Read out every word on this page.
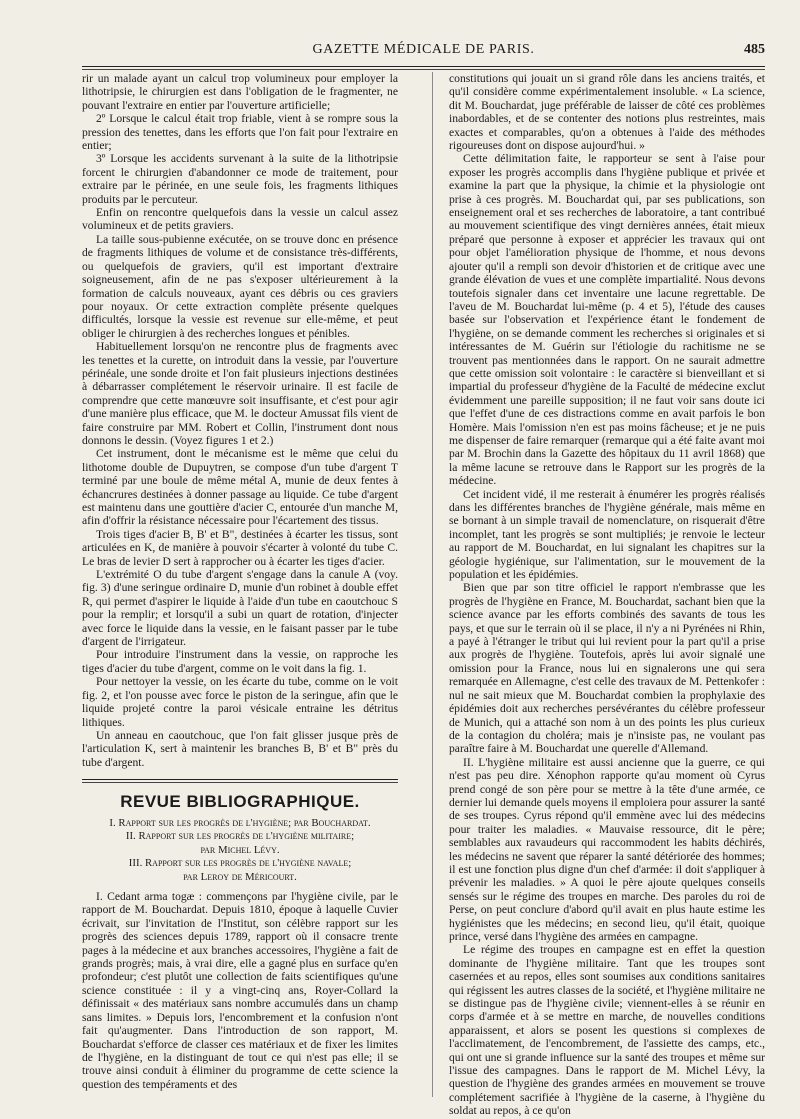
GAZETTE MÉDICALE DE PARIS.	485

rir un malade ayant un calcul trop volumineux pour employer la lithotripsie, le chirurgien est dans l'obligation de le fragmenter, ne pouvant l'extraire en entier par l'ouverture artificielle;

2º Lorsque le calcul était trop friable, vient à se rompre sous la pression des tenettes, dans les efforts que l'on fait pour l'extraire en entier;

3º Lorsque les accidents survenant à la suite de la lithotripsie forcent le chirurgien d'abandonner ce mode de traitement, pour extraire par le périnée, en une seule fois, les fragments lithiques produits par le percuteur.

Enfin on rencontre quelquefois dans la vessie un calcul assez volumineux et de petits graviers.

La taille sous-pubienne exécutée, on se trouve donc en présence de fragments lithiques de volume et de consistance très-différents, ou quelquefois de graviers, qu'il est important d'extraire soigneusement, afin de ne pas s'exposer ultérieurement à la formation de calculs nouveaux, ayant ces débris ou ces graviers pour noyaux. Or cette extraction complète présente quelques difficultés, lorsque la vessie est revenue sur elle-même, et peut obliger le chirurgien à des recherches longues et pénibles.

Habituellement lorsqu'on ne rencontre plus de fragments avec les tenettes et la curette, on introduit dans la vessie, par l'ouverture périnéale, une sonde droite et l'on fait plusieurs injections destinées à débarrasser complétement le réservoir urinaire. Il est facile de comprendre que cette manœuvre soit insuffisante, et c'est pour agir d'une manière plus efficace, que M. le docteur Amussat fils vient de faire construire par MM. Robert et Collin, l'instrument dont nous donnons le dessin. (Voyez figures 1 et 2.)

Cet instrument, dont le mécanisme est le même que celui du lithotome double de Dupuytren, se compose d'un tube d'argent T terminé par une boule de même métal A, munie de deux fentes à échancrures destinées à donner passage au liquide. Ce tube d'argent est maintenu dans une gouttière d'acier C, entourée d'un manche M, afin d'offrir la résistance nécessaire pour l'écartement des tissus.

Trois tiges d'acier B, B' et B", destinées à écarter les tissus, sont articulées en K, de manière à pouvoir s'écarter à volonté du tube C. Le bras de levier D sert à rapprocher ou à écarter les tiges d'acier.

L'extrémité O du tube d'argent s'engage dans la canule A (voy. fig. 3) d'une seringue ordinaire D, munie d'un robinet à double effet R, qui permet d'aspirer le liquide à l'aide d'un tube en caoutchouc S pour la remplir; et lorsqu'il a subi un quart de rotation, d'injecter avec force le liquide dans la vessie, en le faisant passer par le tube d'argent de l'irrigateur.

Pour introduire l'instrument dans la vessie, on rapproche les tiges d'acier du tube d'argent, comme on le voit dans la fig. 1.

Pour nettoyer la vessie, on les écarte du tube, comme on le voit fig. 2, et l'on pousse avec force le piston de la seringue, afin que le liquide projeté contre la paroi vésicale entraine les détritus lithiques.

Un anneau en caoutchouc, que l'on fait glisser jusque près de l'articulation K, sert à maintenir les branches B, B' et B" près du tube d'argent.

REVUE BIBLIOGRAPHIQUE.
I. Rapport sur les progrès de l'hygiène; par Bouchardat.
II. Rapport sur les progrès de l'hygiène militaire;
par Michel Lévy.
III. Rapport sur les progrès de l'hygiène navale;
par Leroy de Méricourt.

I. Cedant arma togæ : commençons par l'hygiène civile, par le rapport de M. Bouchardat. Depuis 1810, époque à laquelle Cuvier écrivait, sur l'invitation de l'Institut, son célèbre rapport sur les progrès des sciences depuis 1789, rapport où il consacre trente pages à la médecine et aux branches accessoires, l'hygiène a fait de grands progrès; mais, à vrai dire, elle a gagné plus en surface qu'en profondeur; c'est plutôt une collection de faits scientifiques qu'une science constituée : il y a vingt-cinq ans, Royer-Collard la définissait « des matériaux sans nombre accumulés dans un champ sans limites. » Depuis lors, l'encombrement et la confusion n'ont fait qu'augmenter. Dans l'introduction de son rapport, M. Bouchardat s'efforce de classer ces matériaux et de fixer les limites de l'hygiène, en la distinguant de tout ce qui n'est pas elle; il se trouve ainsi conduit à éliminer du programme de cette science la question des tempéraments et des

constitutions qui jouait un si grand rôle dans les anciens traités, et qu'il considère comme expérimentalement insoluble. « La science, dit M. Bouchardat, juge préférable de laisser de côté ces problèmes inabordables, et de se contenter des notions plus restreintes, mais exactes et comparables, qu'on a obtenues à l'aide des méthodes rigoureuses dont on dispose aujourd'hui. »

Cette délimitation faite, le rapporteur se sent à l'aise pour exposer les progrès accomplis dans l'hygiène publique et privée et examine la part que la physique, la chimie et la physiologie ont prise à ces progrès. M. Bouchardat qui, par ses publications, son enseignement oral et ses recherches de laboratoire, a tant contribué au mouvement scientifique des vingt dernières années, était mieux préparé que personne à exposer et apprécier les travaux qui ont pour objet l'amélioration physique de l'homme, et nous devons ajouter qu'il a rempli son devoir d'historien et de critique avec une grande élévation de vues et une complète impartialité. Nous devons toutefois signaler dans cet inventaire une lacune regrettable. De l'aveu de M. Bouchardat lui-même (p. 4 et 5), l'étude des causes basée sur l'observation et l'expérience étant le fondement de l'hygiène, on se demande comment les recherches si originales et si intéressantes de M. Guérin sur l'étiologie du rachitisme ne se trouvent pas mentionnées dans le rapport. On ne saurait admettre que cette omission soit volontaire : le caractère si bienveillant et si impartial du professeur d'hygiène de la Faculté de médecine exclut évidemment une pareille supposition; il ne faut voir sans doute ici que l'effet d'une de ces distractions comme en avait parfois le bon Homère. Mais l'omission n'en est pas moins fâcheuse; et je ne puis me dispenser de faire remarquer (remarque qui a été faite avant moi par M. Brochin dans la Gazette des hôpitaux du 11 avril 1868) que la même lacune se retrouve dans le Rapport sur les progrès de la médecine.

Cet incident vidé, il me resterait à énumérer les progrès réalisés dans les différentes branches de l'hygiène générale, mais même en se bornant à un simple travail de nomenclature, on risquerait d'être incomplet, tant les progrès se sont multipliés; je renvoie le lecteur au rapport de M. Bouchardat, en lui signalant les chapitres sur la géologie hygiénique, sur l'alimentation, sur le mouvement de la population et les épidémies.

Bien que par son titre officiel le rapport n'embrasse que les progrès de l'hygiène en France, M. Bouchardat, sachant bien que la science avance par les efforts combinés des savants de tous les pays, et que sur le terrain où il se place, il n'y a ni Pyrénées ni Rhin, a payé à l'étranger le tribut qui lui revient pour la part qu'il a prise aux progrès de l'hygiène. Toutefois, après lui avoir signalé une omission pour la France, nous lui en signalerons une qui sera remarquée en Allemagne, c'est celle des travaux de M. Pettenkofer : nul ne sait mieux que M. Bouchardat combien la prophylaxie des épidémies doit aux recherches persévérantes du célèbre professeur de Munich, qui a attaché son nom à un des points les plus curieux de la contagion du choléra; mais je n'insiste pas, ne voulant pas paraître faire à M. Bouchardat une querelle d'Allemand.

II. L'hygiène militaire est aussi ancienne que la guerre, ce qui n'est pas peu dire. Xénophon rapporte qu'au moment où Cyrus prend congé de son père pour se mettre à la tête d'une armée, ce dernier lui demande quels moyens il emploiera pour assurer la santé de ses troupes. Cyrus répond qu'il emmène avec lui des médecins pour traiter les maladies. « Mauvaise ressource, dit le père; semblables aux ravaudeurs qui raccommodent les habits déchirés, les médecins ne savent que réparer la santé détériorée des hommes; il est une fonction plus digne d'un chef d'armée: il doit s'appliquer à prévenir les maladies. » A quoi le père ajoute quelques conseils sensés sur le régime des troupes en marche. Des paroles du roi de Perse, on peut conclure d'abord qu'il avait en plus haute estime les hygiénistes que les médecins; en second lieu, qu'il était, quoique prince, versé dans l'hygiène des armées en campagne.

Le régime des troupes en campagne est en effet la question dominante de l'hygiène militaire. Tant que les troupes sont casernées et au repos, elles sont soumises aux conditions sanitaires qui régissent les autres classes de la société, et l'hygiène militaire ne se distingue pas de l'hygiène civile; viennent-elles à se réunir en corps d'armée et à se mettre en marche, de nouvelles conditions apparaissent, et alors se posent les questions si complexes de l'acclimatement, de l'encombrement, de l'assiette des camps, etc., qui ont une si grande influence sur la santé des troupes et même sur l'issue des campagnes. Dans le rapport de M. Michel Lévy, la question de l'hygiène des grandes armées en mouvement se trouve complétement sacrifiée à l'hygiène de la caserne, à l'hygiène du soldat au repos, à ce qu'on
